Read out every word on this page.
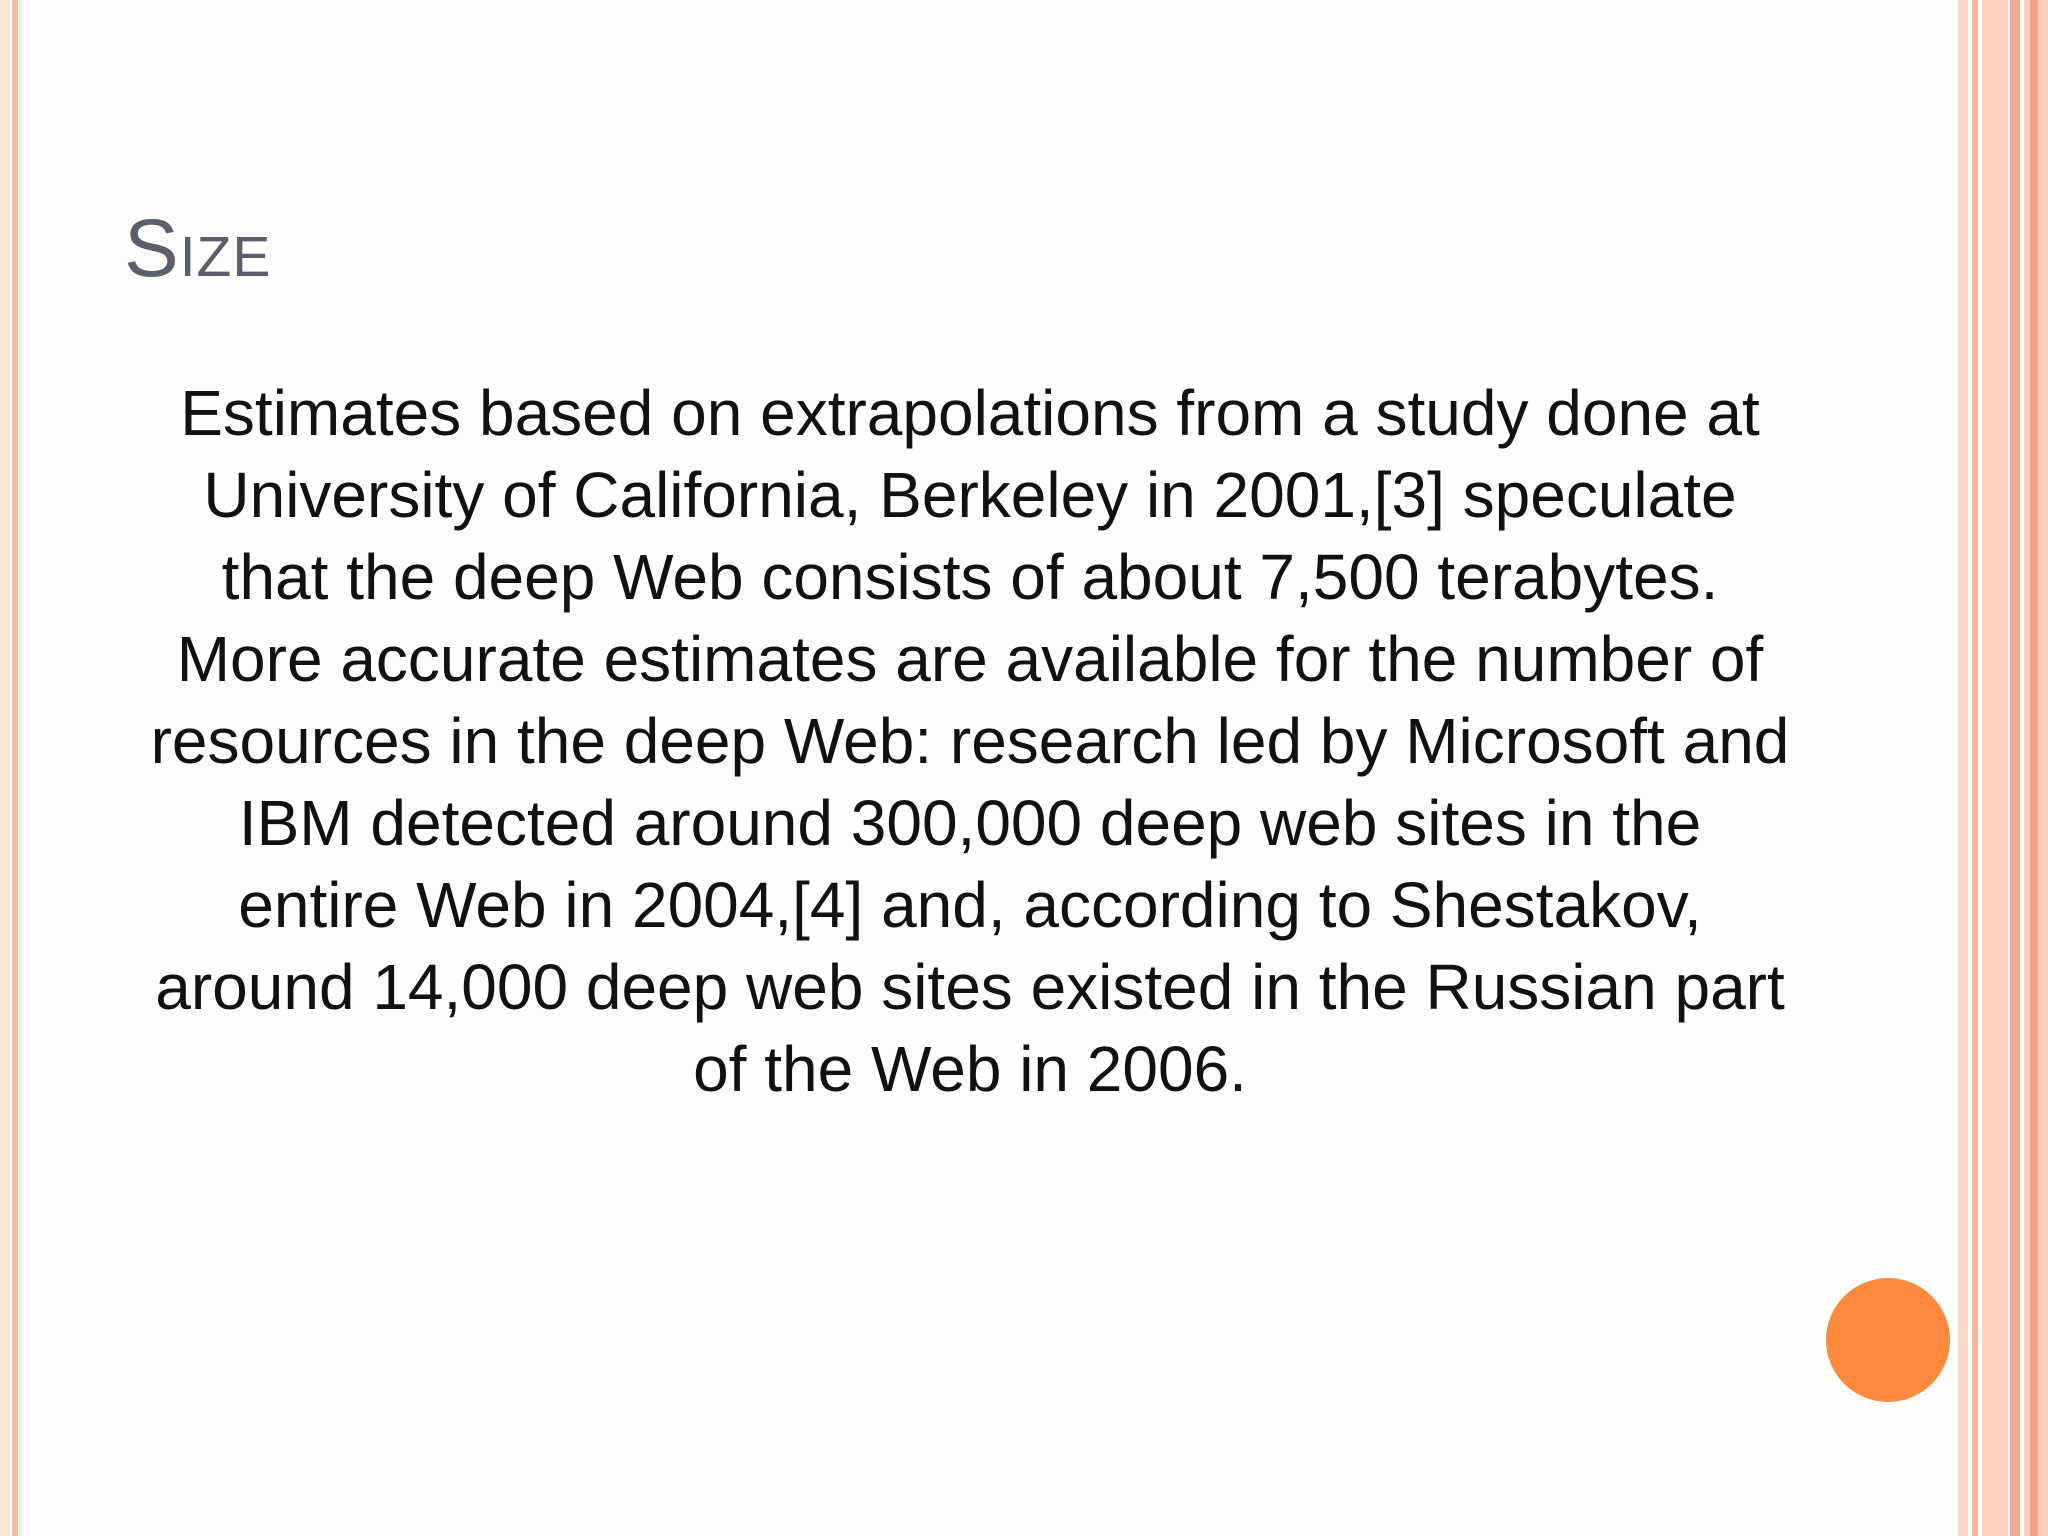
Size

Estimates based on extrapolations from a study done at University of California, Berkeley in 2001,[3] speculate that the deep Web consists of about 7,500 terabytes. More accurate estimates are available for the number of resources in the deep Web: research led by Microsoft and IBM detected around 300,000 deep web sites in the entire Web in 2004,[4] and, according to Shestakov, around 14,000 deep web sites existed in the Russian part of the Web in 2006.
